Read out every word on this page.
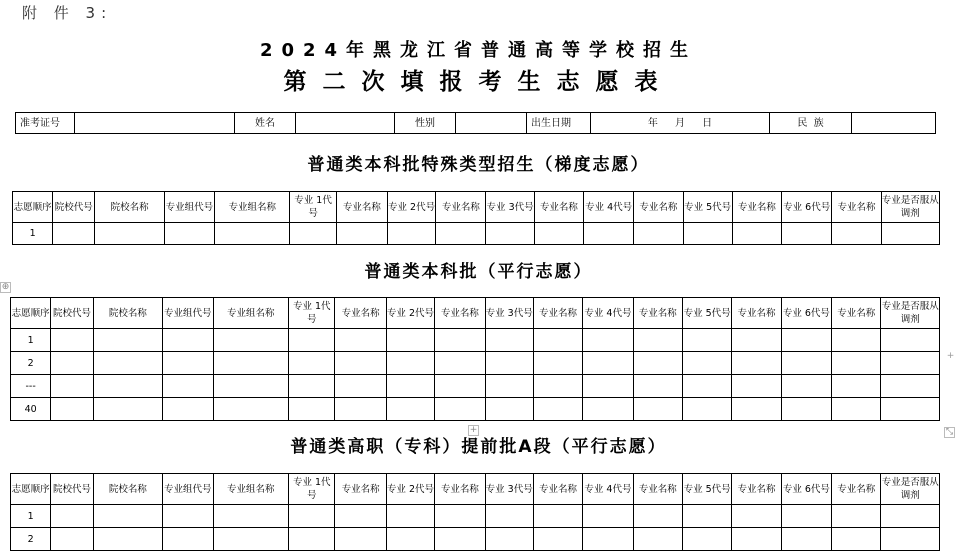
附 件 3:
2024年黑龙江省普通高等学校招生
第二次填报考生志愿表
准考证号		姓名		性别		出生日期	年 月 日	民  族	
普通类本科批特殊类型招生（梯度志愿）
志愿顺序	院校代号	院校名称	专业组代号	专业组名称	专业 1代号	专业名称	专业 2代号	专业名称	专业 3代号	专业名称	专业 4代号	专业名称	专业 5代号	专业名称	专业 6代号	专业名称	专业是否服从调剂
1																	
普通类本科批（平行志愿）
志愿顺序	院校代号	院校名称	专业组代号	专业组名称	专业 1代号	专业名称	专业 2代号	专业名称	专业 3代号	专业名称	专业 4代号	专业名称	专业 5代号	专业名称	专业 6代号	专业名称	专业是否服从调剂
1																	
2																	
---																	
40																	
普通类高职（专科）提前批A段（平行志愿）
志愿顺序	院校代号	院校名称	专业组代号	专业组名称	专业 1代号	专业名称	专业 2代号	专业名称	专业 3代号	专业名称	专业 4代号	专业名称	专业 5代号	专业名称	专业 6代号	专业名称	专业是否服从调剂
1																	
2																	
⊕
+
+	⤡
